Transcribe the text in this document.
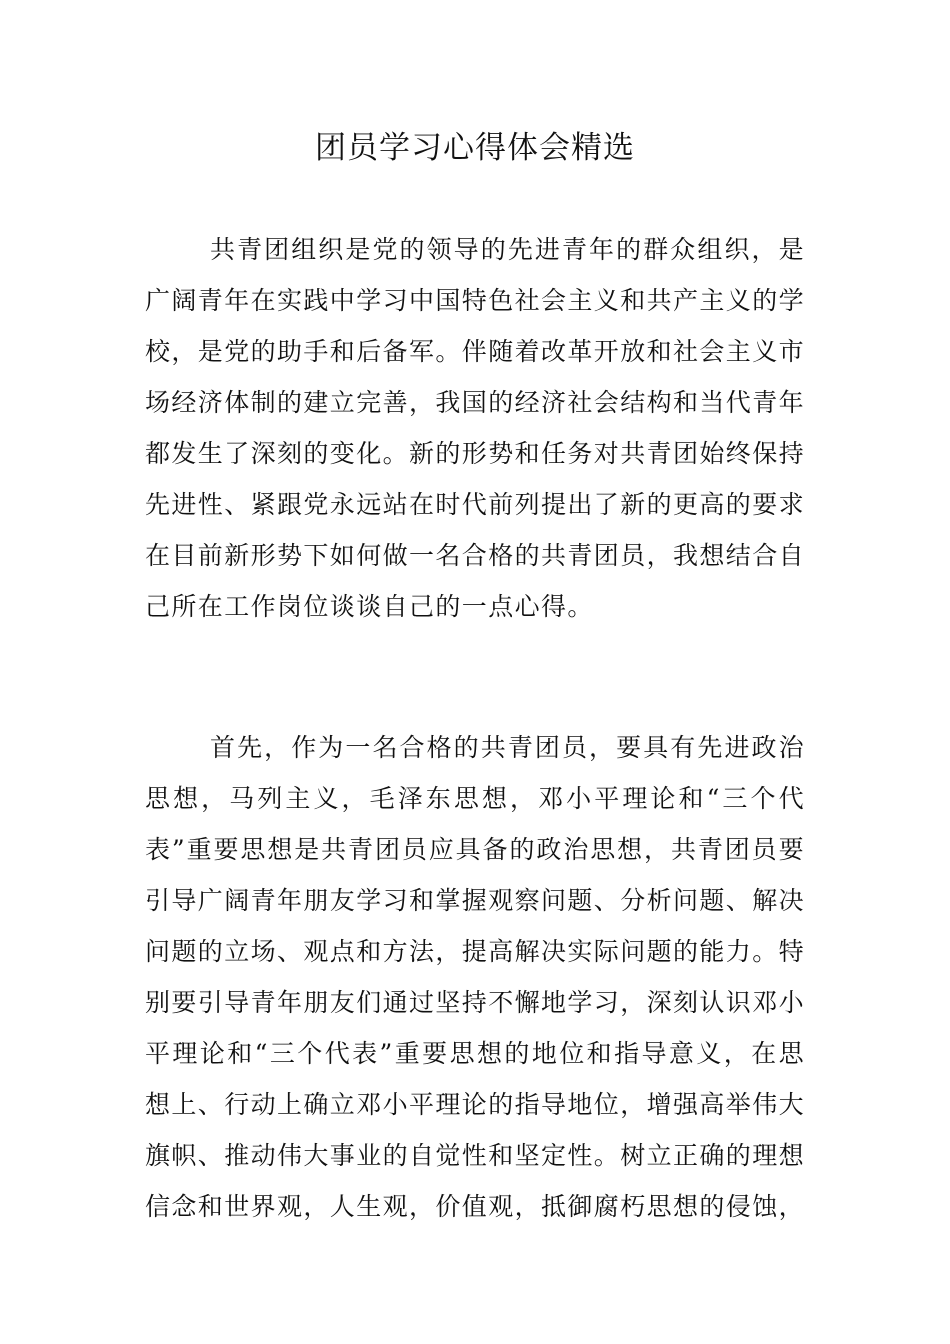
团员学习心得体会精选

共青团组织是党的领导的先进青年的群众组织，是广阔青年在实践中学习中国特色社会主义和共产主义的学校，是党的助手和后备军。伴随着改革开放和社会主义市场经济体制的建立完善，我国的经济社会结构和当代青年都发生了深刻的变化。新的形势和任务对共青团始终保持先进性、紧跟党永远站在时代前列提出了新的更高的要求在目前新形势下如何做一名合格的共青团员，我想结合自己所在工作岗位谈谈自己的一点心得。

首先，作为一名合格的共青团员，要具有先进政治思想，马列主义，毛泽东思想，邓小平理论和“三个代表”重要思想是共青团员应具备的政治思想，共青团员要引导广阔青年朋友学习和掌握观察问题、分析问题、解决问题的立场、观点和方法，提高解决实际问题的能力。特别要引导青年朋友们通过坚持不懈地学习，深刻认识邓小平理论和“三个代表”重要思想的地位和指导意义，在思想上、行动上确立邓小平理论的指导地位，增强高举伟大旗帜、推动伟大事业的自觉性和坚定性。树立正确的理想信念和世界观，人生观，价值观，抵御腐朽思想的侵蚀，
